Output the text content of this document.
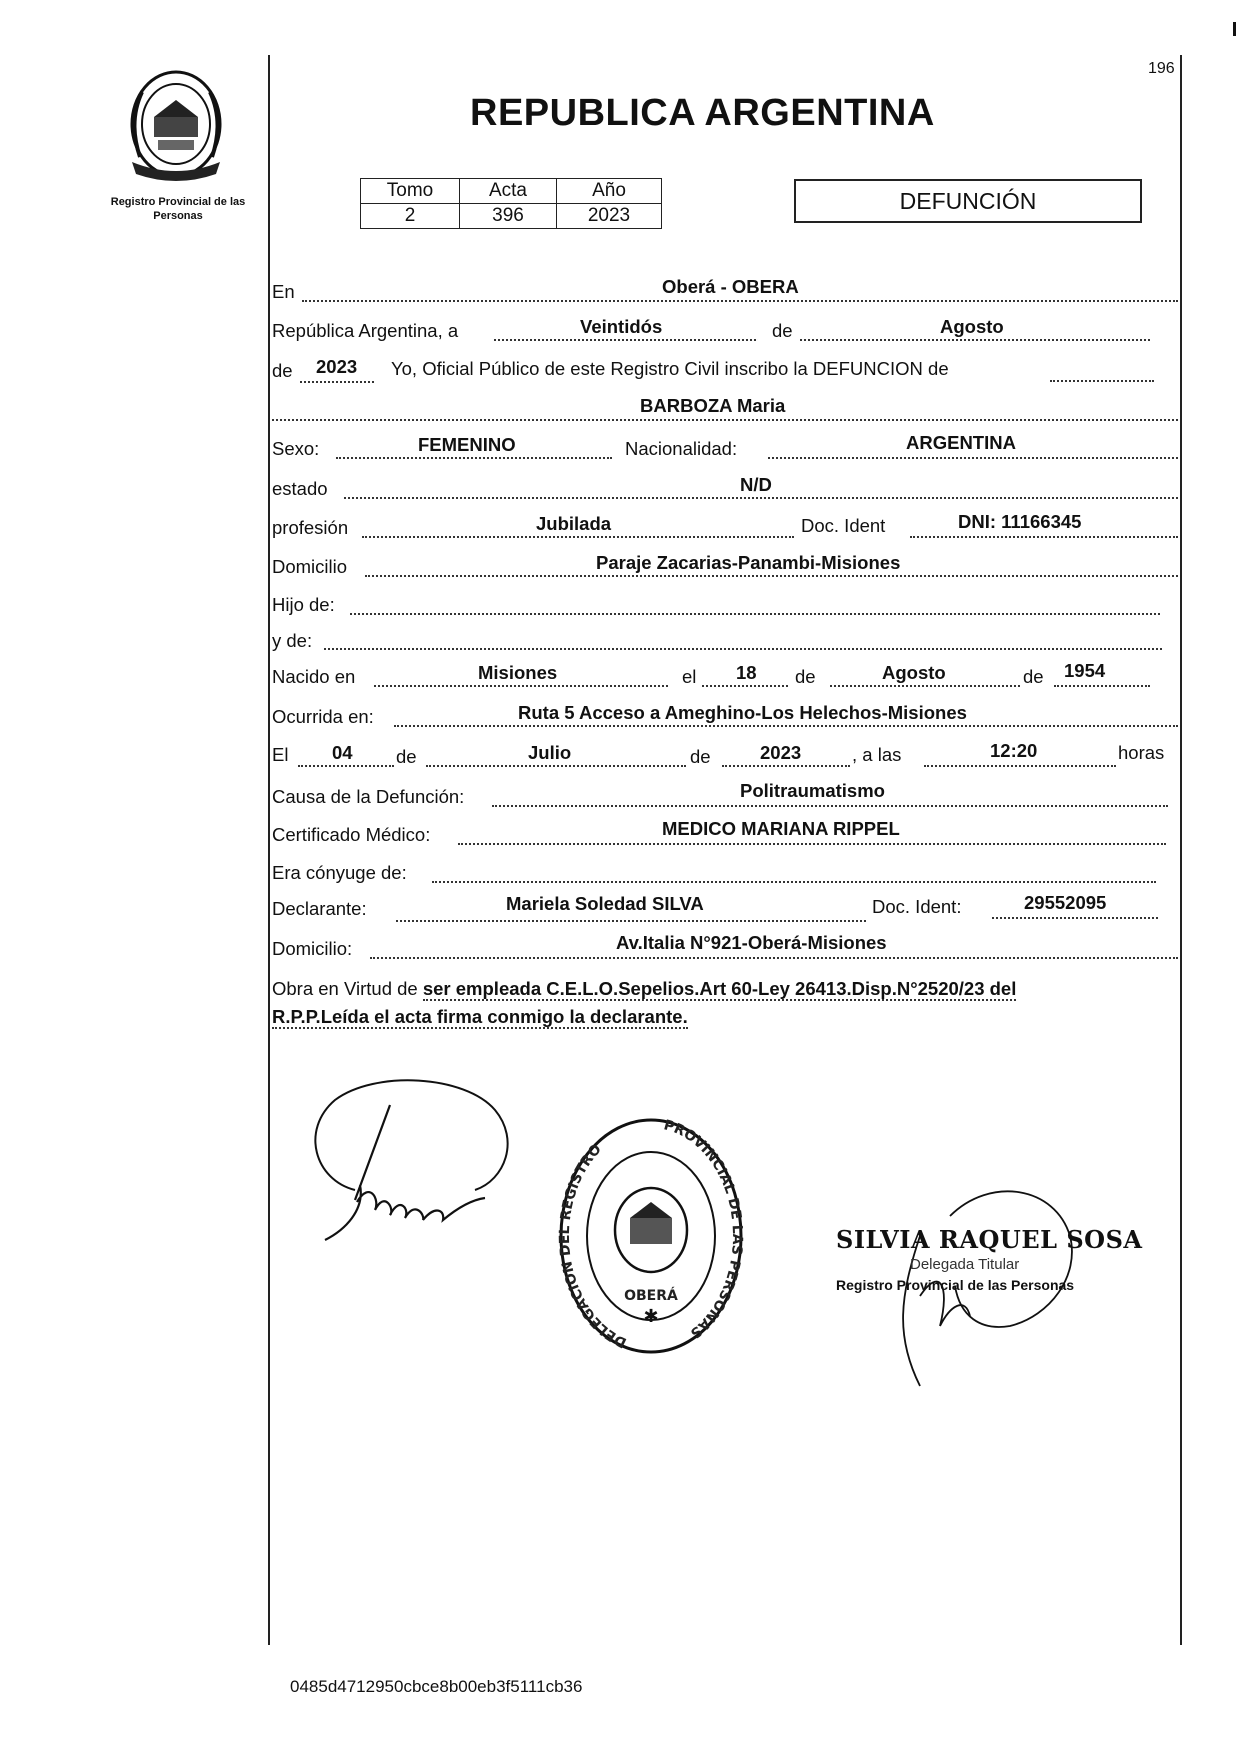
Registro Provincial de las Personas
196
REPUBLICA ARGENTINA
Tomo	Acta	Año
2	396	2023
DEFUNCIÓN
En	Oberá - OBERA
República Argentina, a	Veintidós	de	Agosto
de 2023 Yo, Oficial Público de este Registro Civil inscribo la DEFUNCION de
BARBOZA Maria
Sexo:	FEMENINO	Nacionalidad:	ARGENTINA
estado	N/D
profesión	Jubilada	Doc. Ident	DNI: 11166345
Domicilio	Paraje Zacarias-Panambi-Misiones
Hijo de:
y de:
Nacido en	Misiones	el 18 de	Agosto	de 1954
Ocurrida en:	Ruta 5 Acceso a Ameghino-Los Helechos-Misiones
El 04 de	Julio	de	2023	, a las	12:20	horas
Causa de la Defunción:	Politraumatismo
Certificado Médico:	MEDICO MARIANA RIPPEL
Era cónyuge de:
Declarante:	Mariela Soledad SILVA	Doc. Ident:	29552095
Domicilio:	Av.Italia N°921-Oberá-Misiones
Obra en Virtud de ser empleada C.E.L.O.Sepelios.Art 60-Ley 26413.Disp.N°2520/23 del
R.P.P.Leída el acta firma conmigo la declarante.
DELEGACION DEL REGISTRO
PROVINCIAL DE LAS PERSONAS
OBERÁ
✱
SILVIA RAQUEL SOSA
Delegada Titular
Registro Provincial de las Personas
0485d4712950cbce8b00eb3f5111cb36
